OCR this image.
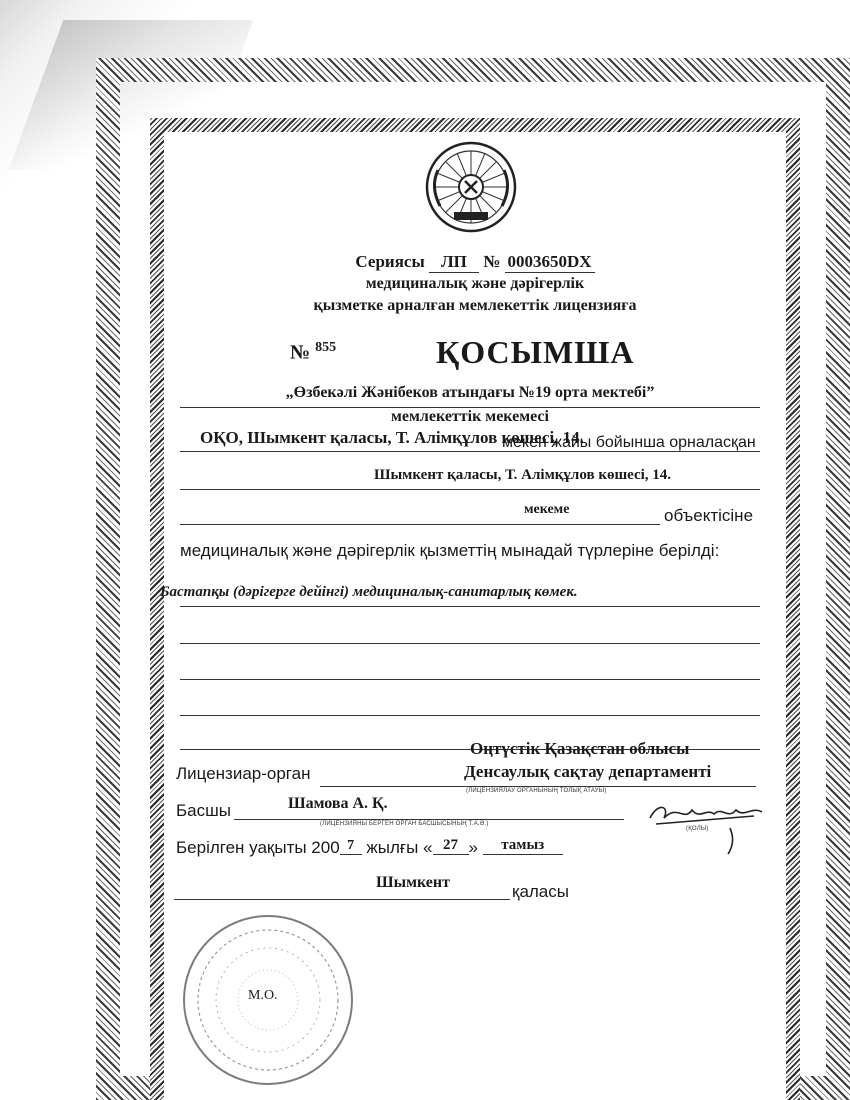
Сериясы ЛП № 0003650DX
медициналық және дәрігерлік
қызметке арналған мемлекеттік лицензияға
№ $^{855}$	ҚОСЫМША
„Өзбекәлі Жәнібеков атындағы №19 орта мектебі”
мемлекеттік мекемесі
ОҚО, Шымкент қаласы, Т. Алімқұлов көшесі, 14.
мекен жайы бойынша орналасқан
Шымкент қаласы, Т. Алімқұлов көшесі, 14.
мекеме	объектісіне
медициналық және дәрігерлік қызметтің мынадай түрлеріне берілді:
Бастапқы (дәрігерге дейінгі) медициналық-санитарлық көмек.
Оңтүстік Қазақстан облысы
Лицензиар-орган	Денсаулық сақтау департаменті
(ЛИЦЕНЗИЯЛАУ ОРГАНЫНЫҢ ТОЛЫҚ АТАУЫ)
Басшы	Шамова А. Қ.
(ЛИЦЕНЗИЯНЫ БЕРГЕН ОРГАН БАСШЫСЫНЫҢ Т.А.Ә.)
(ҚОЛЫ)
Берілген уақыты 200 7 жылғы « 27 » тамыз
Шымкент	қаласы
М.О.
